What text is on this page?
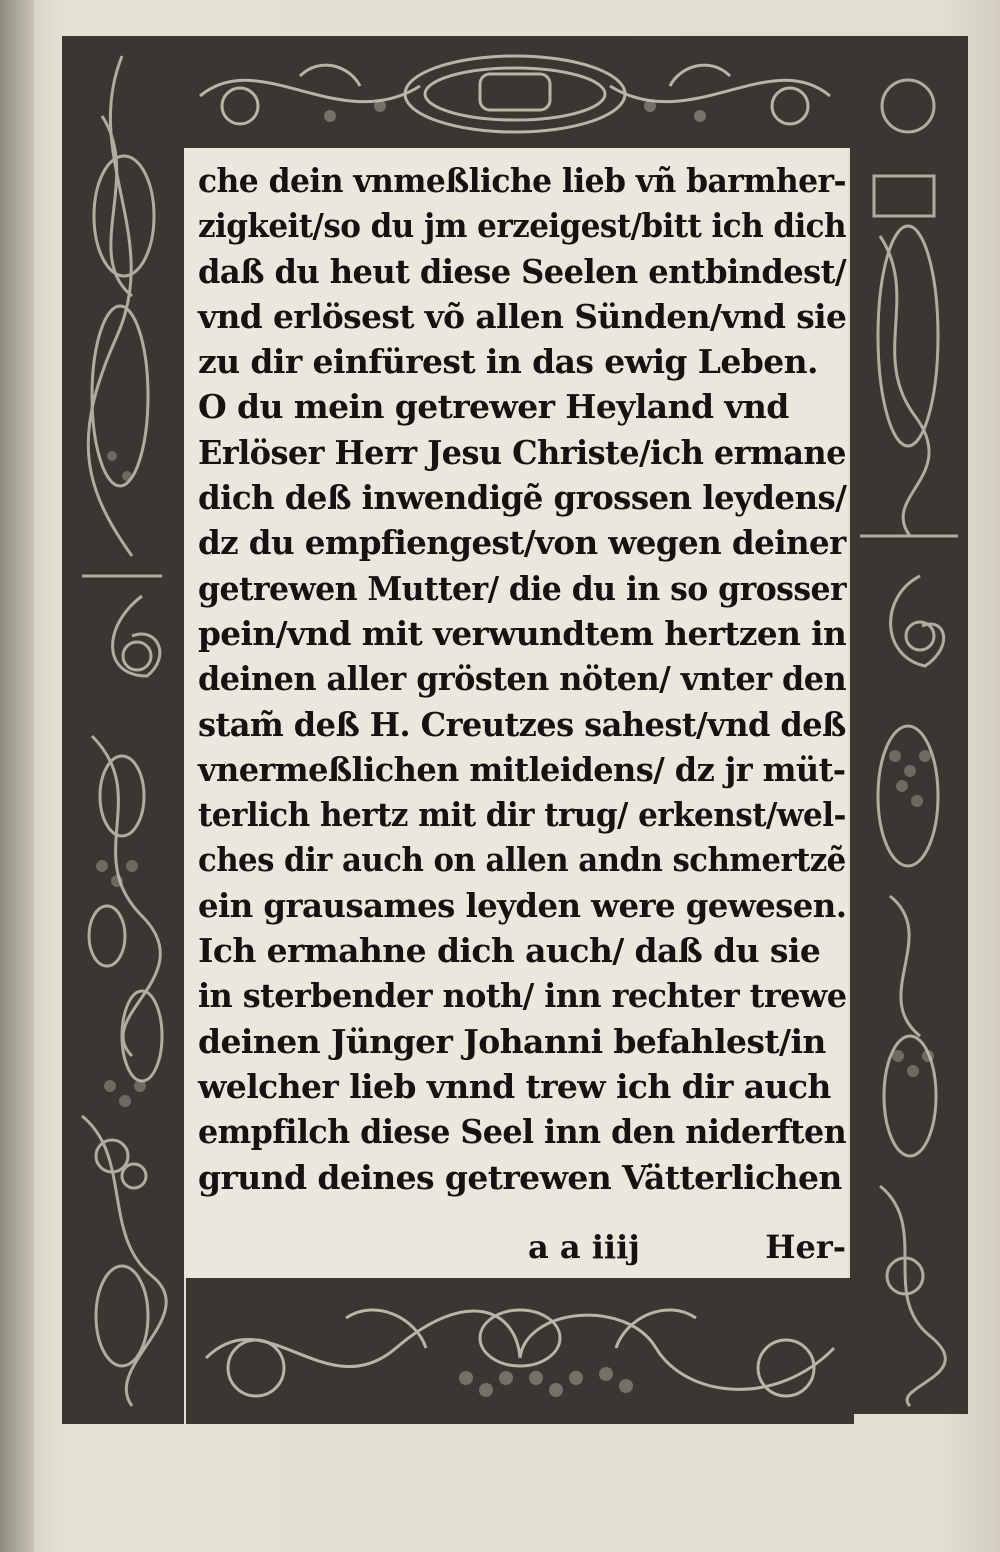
che dein vnmeßliche lieb vñ barmher-
zigkeit/so du jm erzeigest/bitt ich dich
daß du heut diese Seelen entbindest/
vnd erlösest võ allen Sünden/vnd sie
zu dir einfürest in das ewig Leben.
O du mein getrewer Heyland vnd
Erlöser Herr Jesu Christe/ich ermane
dich deß inwendigẽ grossen leydens/
dz du empfiengest/von wegen deiner
getrewen Mutter/ die du in so grosser
pein/vnd mit verwundtem hertzen in
deinen aller grösten nöten/ vnter den
stam̃ deß H. Creutzes sahest/vnd deß
vnermeßlichen mitleidens/ dz jr müt-
terlich hertz mit dir trug/ erkenst/wel-
ches dir auch on allen andn schmertzẽ
ein grausames leyden were gewesen.
Ich ermahne dich auch/ daß du sie
in sterbender noth/ inn rechter trewe
deinen Jünger Johanni befahlest/in
welcher lieb vnnd trew ich dir auch
empfilch diese Seel inn den niderften
grund deines getrewen Vätterlichen
a a iiij	Her-
